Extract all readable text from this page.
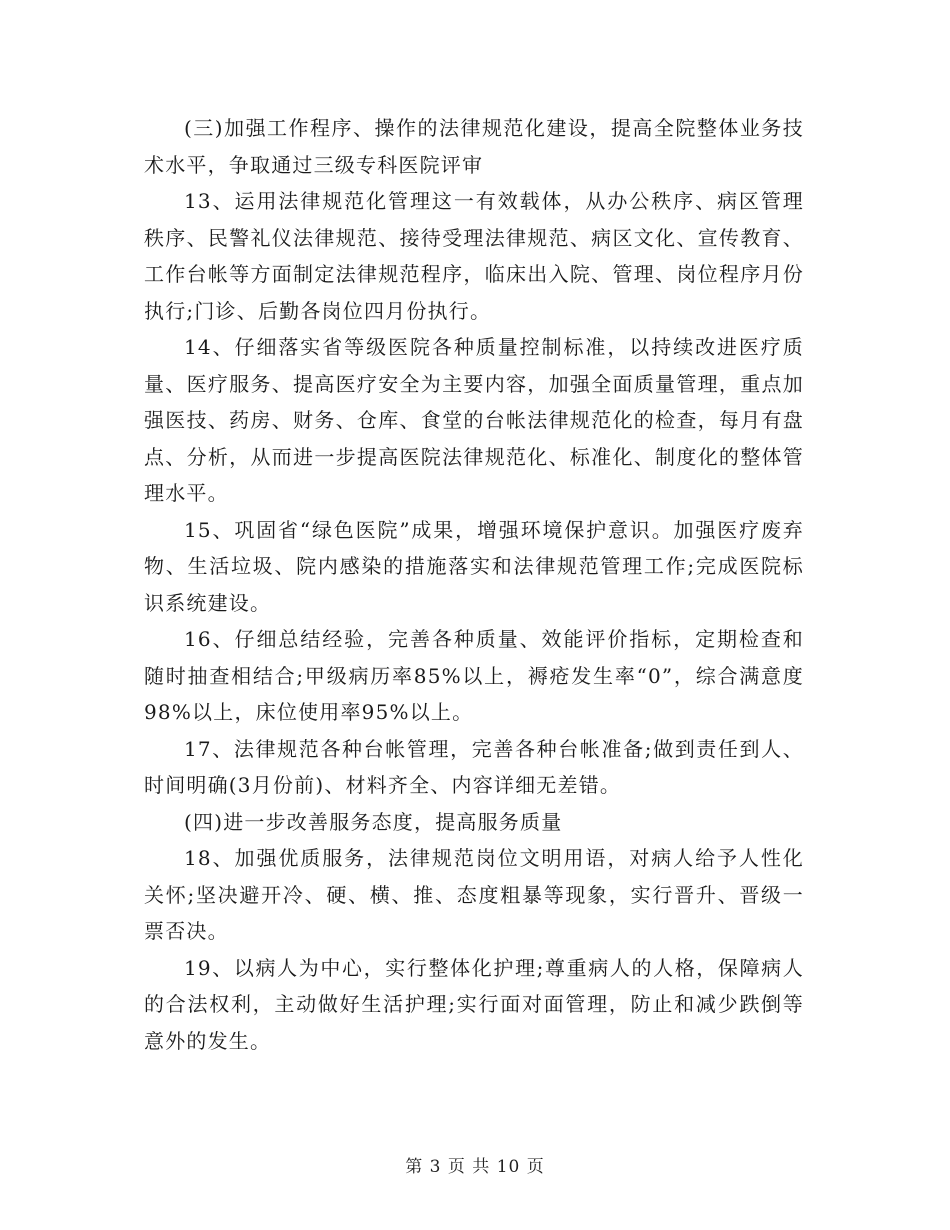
(三)加强工作程序、操作的法律规范化建设，提高全院整体业务技术水平，争取通过三级专科医院评审

13、运用法律规范化管理这一有效载体，从办公秩序、病区管理秩序、民警礼仪法律规范、接待受理法律规范、病区文化、宣传教育、工作台帐等方面制定法律规范程序，临床出入院、管理、岗位程序月份执行;门诊、后勤各岗位四月份执行。

14、仔细落实省等级医院各种质量控制标准，以持续改进医疗质量、医疗服务、提高医疗安全为主要内容，加强全面质量管理，重点加强医技、药房、财务、仓库、食堂的台帐法律规范化的检查，每月有盘点、分析，从而进一步提高医院法律规范化、标准化、制度化的整体管理水平。

15、巩固省“绿色医院”成果，增强环境保护意识。加强医疗废弃物、生活垃圾、院内感染的措施落实和法律规范管理工作;完成医院标识系统建设。

16、仔细总结经验，完善各种质量、效能评价指标，定期检查和随时抽查相结合;甲级病历率85%以上，褥疮发生率“0”，综合满意度98%以上，床位使用率95%以上。

17、法律规范各种台帐管理，完善各种台帐准备;做到责任到人、时间明确(3月份前)、材料齐全、内容详细无差错。

(四)进一步改善服务态度，提高服务质量

18、加强优质服务，法律规范岗位文明用语，对病人给予人性化关怀;坚决避开冷、硬、横、推、态度粗暴等现象，实行晋升、晋级一票否决。

19、以病人为中心，实行整体化护理;尊重病人的人格，保障病人的合法权利，主动做好生活护理;实行面对面管理，防止和减少跌倒等意外的发生。

第 3 页 共 10 页
